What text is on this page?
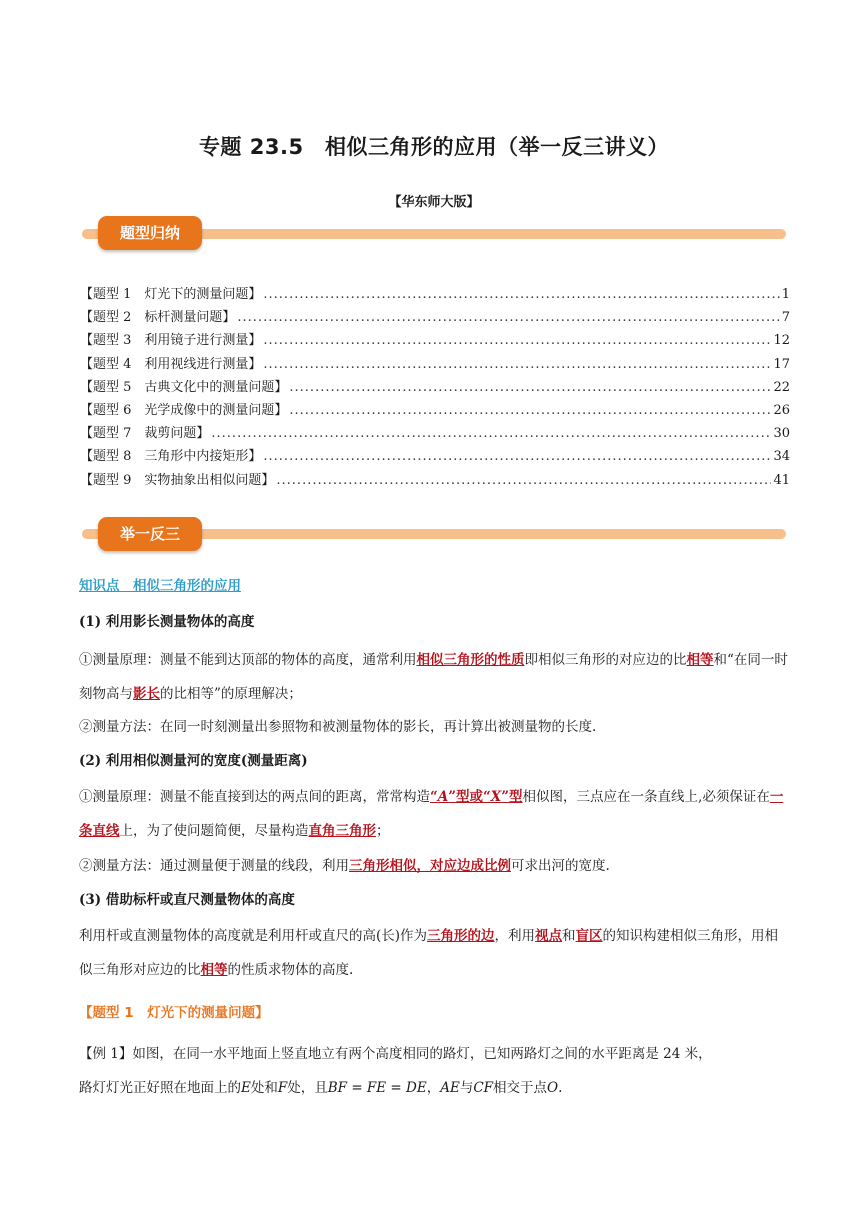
专题 23.5　相似三角形的应用（举一反三讲义）
【华东师大版】
题型归纳
【题型 1　灯光下的测量问题】 .....	1
【题型 2　标杆测量问题】 .....	7
【题型 3　利用镜子进行测量】 .....	12
【题型 4　利用视线进行测量】 .....	17
【题型 5　古典文化中的测量问题】 .....	22
【题型 6　光学成像中的测量问题】 .....	26
【题型 7　裁剪问题】 .....	30
【题型 8　三角形中内接矩形】 .....	34
【题型 9　实物抽象出相似问题】 .....	41
举一反三
知识点　相似三角形的应用
(1) 利用影长测量物体的高度
①测量原理：测量不能到达顶部的物体的高度，通常利用相似三角形的性质即相似三角形的对应边的比相等和“在同一时刻物高与影长的比相等”的原理解决；
②测量方法：在同一时刻测量出参照物和被测量物体的影长，再计算出被测量物的长度.
(2) 利用相似测量河的宽度(测量距离)
①测量原理：测量不能直接到达的两点间的距离，常常构造“A”型或“X”型相似图，三点应在一条直线上,必须保证在一条直线上，为了使问题简便，尽量构造直角三角形；
②测量方法：通过测量便于测量的线段，利用三角形相似，对应边成比例可求出河的宽度.
(3) 借助标杆或直尺测量物体的高度
利用杆或直测量物体的高度就是利用杆或直尺的高(长)作为三角形的边，利用视点和盲区的知识构建相似三角形，用相似三角形对应边的比相等的性质求物体的高度.
【题型 1　灯光下的测量问题】
【例 1】如图，在同一水平地面上竖直地立有两个高度相同的路灯，已知两路灯之间的水平距离是 24 米，
路灯灯光正好照在地面上的E处和F处，且BF = FE = DE，AE与CF相交于点O.
